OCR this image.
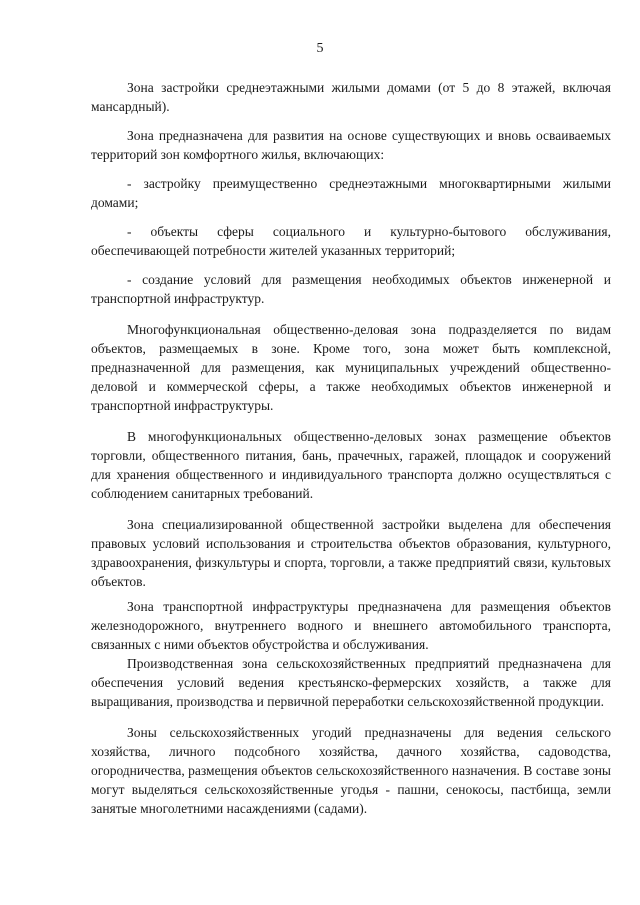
5

Зона застройки среднеэтажными жилыми домами (от 5 до 8 этажей, включая мансардный).

Зона предназначена для развития на основе существующих и вновь осваиваемых территорий зон комфортного жилья, включающих:

- застройку преимущественно среднеэтажными многоквартирными жилыми домами;

- объекты сферы социального и культурно-бытового обслуживания, обеспечивающей потребности жителей указанных территорий;

- создание условий для размещения необходимых объектов инженерной и транспортной инфраструктур.

Многофункциональная общественно-деловая зона подразделяется по видам объектов, размещаемых в зоне. Кроме того, зона может быть комплексной, предназначенной для размещения, как муниципальных учреждений общественно-деловой и коммерческой сферы, а также необходимых объектов инженерной и транспортной инфраструктуры.

В многофункциональных общественно-деловых зонах размещение объектов торговли, общественного питания, бань, прачечных, гаражей, площадок и сооружений для хранения общественного и индивидуального транспорта должно осуществляться с соблюдением санитарных требований.

Зона специализированной общественной застройки выделена для обеспечения правовых условий использования и строительства объектов образования, культурного, здравоохранения, физкультуры и спорта, торговли, а также предприятий связи, культовых объектов.

Зона транспортной инфраструктуры предназначена для размещения объектов железнодорожного, внутреннего водного и внешнего автомобильного транспорта, связанных с ними объектов обустройства и обслуживания.

Производственная зона сельскохозяйственных предприятий предназначена для обеспечения условий ведения крестьянско-фермерских хозяйств, а также для выращивания, производства и первичной переработки сельскохозяйственной продукции.

Зоны сельскохозяйственных угодий предназначены для ведения сельского хозяйства, личного подсобного хозяйства, дачного хозяйства, садоводства, огородничества, размещения объектов сельскохозяйственного назначения. В составе зоны могут выделяться сельскохозяйственные угодья - пашни, сенокосы, пастбища, земли занятые многолетними насаждениями (садами).
